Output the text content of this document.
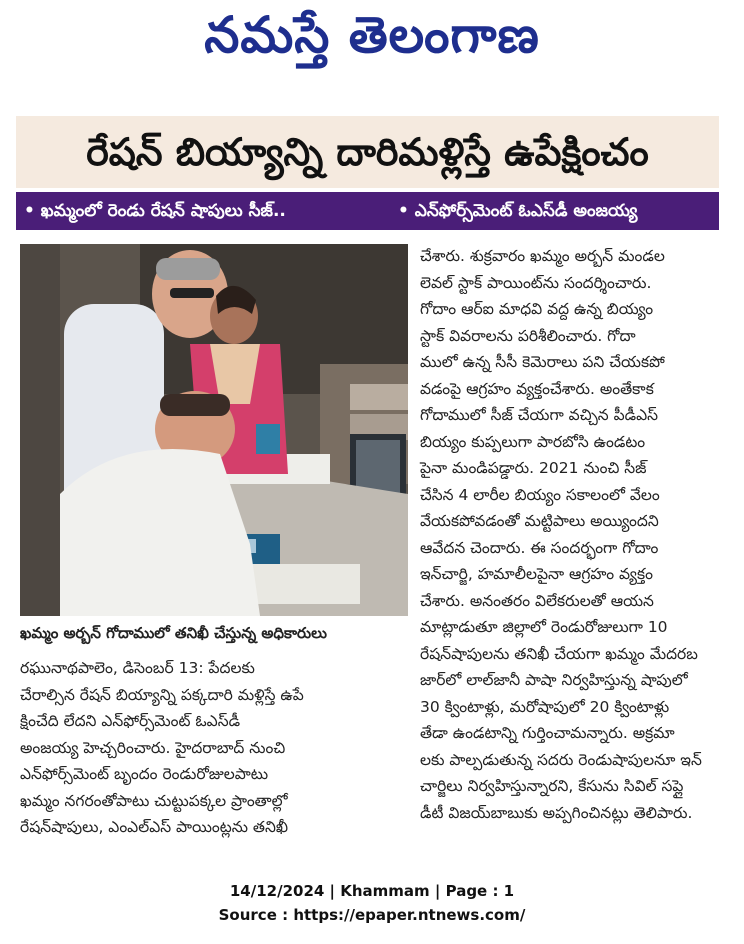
నమస్తే తెలంగాణ
రేషన్ బియ్యాన్ని దారిమళ్లిస్తే ఉపేక్షించం
• ఖమ్మంలో రెండు రేషన్ షాపులు సీజ్..	• ఎన్‌ఫోర్స్‌మెంట్ ఓఎస్‌డీ అంజయ్య
ఖమ్మం అర్బన్ గోదాములో తనిఖీ చేస్తున్న అధికారులు

చేశారు. శుక్రవారం ఖమ్మం అర్బన్ మండల

లెవల్ స్టాక్ పాయింట్‌ను సందర్శించారు.

గోదాం ఆర్ఐ మాధవి వద్ద ఉన్న బియ్యం

స్టాక్ వివరాలను పరిశీలించారు. గోదా

ములో ఉన్న సీసీ కెమెరాలు పని చేయకపో

వడంపై ఆగ్రహం వ్యక్తంచేశారు. అంతేకాక

గోదాములో సీజ్ చేయగా వచ్చిన పీడీఎస్

బియ్యం కుప్పలుగా పారబోసి ఉండటం

పైనా మండిపడ్డారు. 2021 నుంచి సీజ్

చేసిన 4 లారీల బియ్యం సకాలంలో వేలం

వేయకపోవడంతో మట్టిపాలు అయ్యిందని

ఆవేదన చెందారు. ఈ సందర్భంగా గోదాం

ఇన్‌చార్జి, హమాలీలపైనా ఆగ్రహం వ్యక్తం

చేశారు. అనంతరం విలేకరులతో ఆయన

మాట్లాడుతూ జిల్లాలో రెండురోజులుగా 10

రేషన్‌షాపులను తనిఖీ చేయగా ఖమ్మం మేదరబ

జార్‌లో లాల్‌జానీ పాషా నిర్వహిస్తున్న షాపులో

30 క్వింటాళ్లు, మరోషాపులో 20 క్వింటాళ్లు

తేడా ఉండటాన్ని గుర్తించామన్నారు. అక్రమా

లకు పాల్పడుతున్న సదరు రెండుషాపులనూ ఇన్

చార్జిలు నిర్వహిస్తున్నారని, కేసును సివిల్ సప్లై

డీటీ విజయ్‌బాబుకు అప్పగించినట్లు తెలిపారు.

రఘునాథపాలెం, డిసెంబర్ 13: పేదలకు

చేరాల్సిన రేషన్ బియ్యాన్ని పక్కదారి మళ్లిస్తే ఉపే

క్షించేది లేదని ఎన్‌ఫోర్స్‌మెంట్ ఓఎస్‌డీ

అంజయ్య హెచ్చరించారు. హైదరాబాద్ నుంచి

ఎన్‌ఫోర్స్‌మెంట్ బృందం రెండురోజులపాటు

ఖమ్మం నగరంతోపాటు చుట్టుపక్కల ప్రాంతాల్లో

రేషన్‌షాపులు, ఎంఎల్‌ఎస్ పాయింట్లను తనిఖీ

14/12/2024 | Khammam | Page : 1
Source : https://epaper.ntnews.com/
